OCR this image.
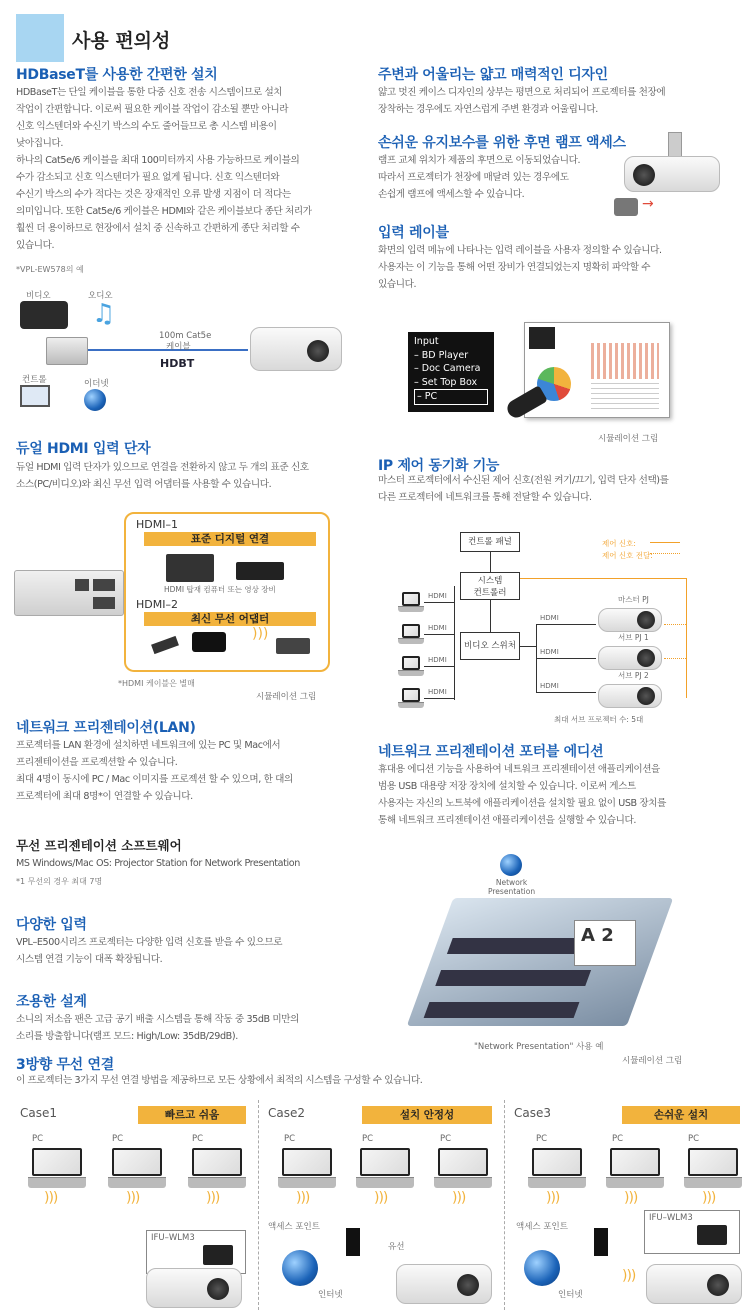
사용 편의성
HDBaseT를 사용한 간편한 설치
HDBaseT는 단일 케이블을 통한 다중 신호 전송 시스템이므로 설치
작업이 간편합니다. 이로써 필요한 케이블 작업이 감소될 뿐만 아니라
신호 익스텐더와 수신기 박스의 수도 줄어들므로 총 시스템 비용이
낮아집니다.
하나의 Cat5e/6 케이블을 최대 100미터까지 사용 가능하므로 케이블의
수가 감소되고 신호 익스텐더가 필요 없게 됩니다. 신호 익스텐더와
수신기 박스의 수가 적다는 것은 장재적인 오류 발생 지점이 더 적다는
의미입니다. 또한 Cat5e/6 케이블은 HDMI와 같은 케이블보다 종단 처리가
훨씬 더 용이하므로 현장에서 설치 중 신속하고 간편하게 종단 처리할 수
있습니다.
*VPL-EW578의 예
비디오	오디오
♫
컨트롤	이더넷
100m Cat5e
케이블
HDBT
듀얼 HDMI 입력 단자
듀얼 HDMI 입력 단자가 있으므로 연결을 전환하지 않고 두 개의 표준 신호
소스(PC/비디오)와 최신 무선 입력 어댑터를 사용할 수 있습니다.
HDMI–1
표준 디지털 연결
HDMI 탑재 컴퓨터 또는 영상 장비
HDMI–2
최신 무선 어댑터
)))
*HDMI 케이블은 별매
시뮬레이션 그림
네트워크 프리젠테이션(LAN)
프로젝터를 LAN 환경에 설치하면 네트워크에 있는 PC 및 Mac에서
프리젠테이션을 프로젝션할 수 있습니다.
최대 4명이 동시에 PC / Mac 이미지를 프로젝션 할 수 있으며, 한 대의
프로젝터에 최대 8명*이 연결할 수 있습니다.
무선 프리젠테이션 소프트웨어
MS Windows/Mac OS: Projector Station for Network Presentation
*1 무선의 경우 최대 7명
다양한 입력
VPL–E500시리즈 프로젝터는 다양한 입력 신호를 받을 수 있으므로
시스템 연결 기능이 대폭 확장됩니다.
조용한 설계
소니의 저소음 팬은 고급 공기 배출 시스템을 통해 작동 중 35dB 미만의
소리를 방출합니다(램프 모드: High/Low: 35dB/29dB).
주변과 어울리는 얇고 매력적인 디자인
얇고 멋진 케이스 디자인의 상부는 평면으로 처리되어 프로젝터를 천장에
장착하는 경우에도 자연스럽게 주변 환경과 어울립니다.
손쉬운 유지보수를 위한 후면 램프 액세스
램프 교체 위치가 제품의 후면으로 이동되었습니다.
따라서 프로젝터가 천장에 매달려 있는 경우에도
손쉽게 램프에 액세스할 수 있습니다.
→
입력 레이블
화면의 입력 메뉴에 나타나는 입력 레이블을 사용자 정의할 수 있습니다.
사용자는 이 기능을 통해 어떤 장비가 연결되었는지 명확히 파악할 수
있습니다.
Input
– BD Player
– Doc Camera
– Set Top Box
– PC
시뮬레이션 그림
IP 제어 동기화 기능
마스터 프로젝터에서 수신된 제어 신호(전원 켜기/끄기, 입력 단자 선택)를
다른 프로젝터에 네트워크를 통해 전달할 수 있습니다.
컨트롤 패널
시스템
컨트롤러
비디오 스위처
제어 신호:
제어 신호 전달:
HDMI
HDMI
HDMI
HDMI
HDMI
HDMI
HDMI
마스터 PJ
서브 PJ 1
서브 PJ 2
최대 서브 프로젝터 수: 5대
네트워크 프리젠테이션 포터블 에디션
휴대용 에디션 기능을 사용하여 네트워크 프리젠테이션 애플리케이션을
범용 USB 대용량 저장 장치에 설치할 수 있습니다. 이로써 게스트
사용자는 자신의 노트북에 애플리케이션을 설치할 필요 없이 USB 장치를
통해 네트워크 프리젠테이션 애플리케이션을 실행할 수 있습니다.
Network
Presentation
A 2
"Network Presentation" 사용 예
시뮬레이션 그림
3방향 무선 연결
이 프로젝터는 3가지 무선 연결 방법을 제공하므로 모든 상황에서 최적의 시스템을 구성할 수 있습니다.
Case1	빠르고 쉬움
PC	PC	PC
)))	)))	)))
IFU–WLM3
Case2	설치 안정성
PC	PC	PC
)))	)))	)))
액세스 포인트
유선
인터넷
Case3	손쉬운 설치
PC	PC	PC
)))	)))	)))
액세스 포인트
인터넷
IFU–WLM3
)))
